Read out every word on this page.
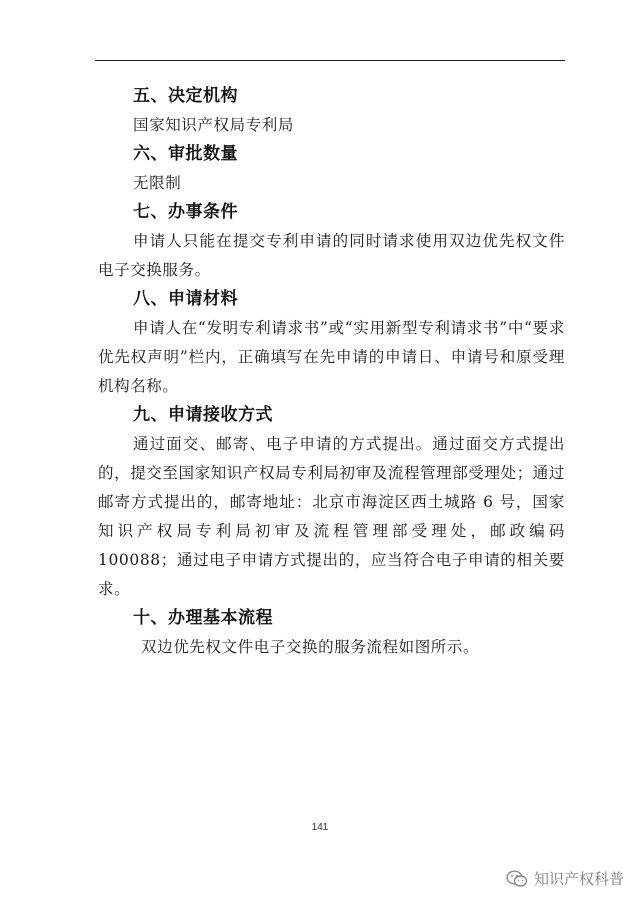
五、决定机构

国家知识产权局专利局

六、审批数量

无限制

七、办事条件

申请人只能在提交专利申请的同时请求使用双边优先权文件电子交换服务。

八、申请材料

申请人在“发明专利请求书”或“实用新型专利请求书”中“要求优先权声明”栏内，正确填写在先申请的申请日、申请号和原受理机构名称。

九、申请接收方式

通过面交、邮寄、电子申请的方式提出。通过面交方式提出的，提交至国家知识产权局专利局初审及流程管理部受理处；通过邮寄方式提出的，邮寄地址：北京市海淀区西土城路 6 号，国家知识产权局专利局初审及流程管理部受理处，邮政编码 100088；通过电子申请方式提出的，应当符合电子申请的相关要求。

十、办理基本流程

双边优先权文件电子交换的服务流程如图所示。

141
知识产权科普
